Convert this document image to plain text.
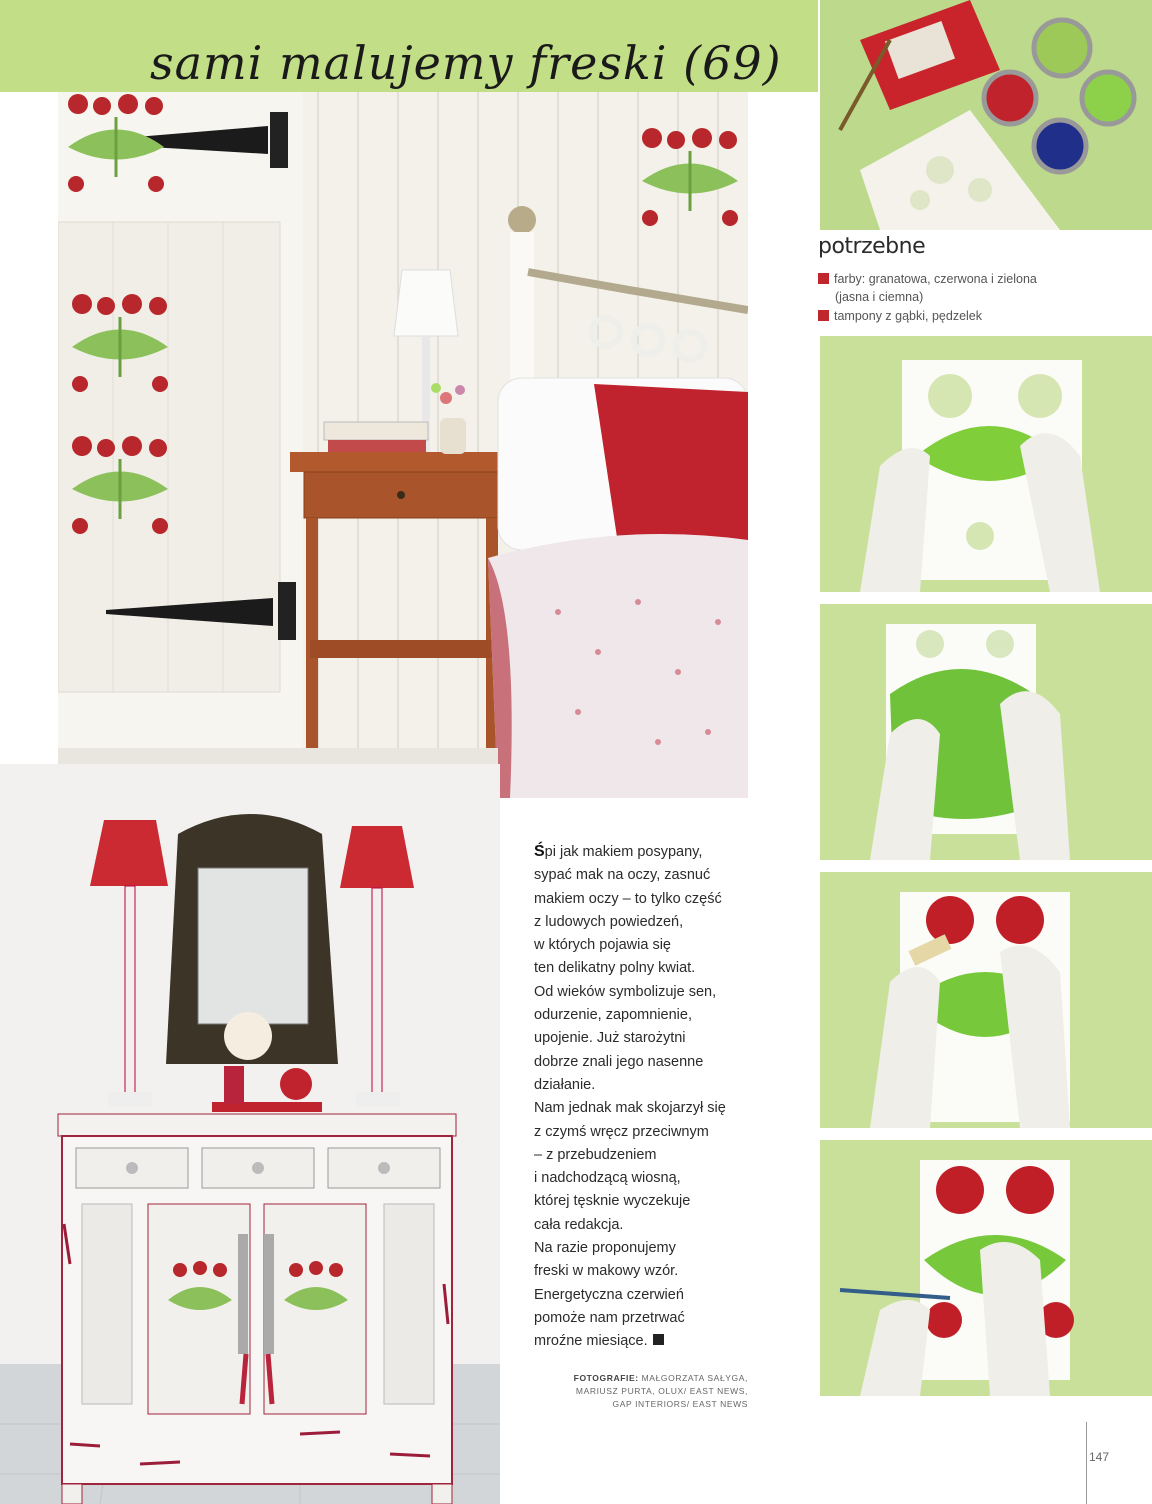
sami malujemy freski (69)
potrzebne
farby: granatowa, czerwona i zielona
(jasna i ciemna)
tampony z gąbki, pędzelek

Śpi jak makiem posypany,

sypać mak na oczy, zasnuć

makiem oczy – to tylko część

z ludowych powiedzeń,

w których pojawia się

ten delikatny polny kwiat.

Od wieków symbolizuje sen,

odurzenie, zapomnienie,

upojenie. Już starożytni

dobrze znali jego nasenne

działanie.

Nam jednak mak skojarzył się

z czymś wręcz przeciwnym

– z przebudzeniem

i nadchodzącą wiosną,

której tęsknie wyczekuje

cała redakcja.

Na razie proponujemy

freski w makowy wzór.

Energetyczna czerwień

pomoże nam przetrwać

mroźne miesiące.

FOTOGRAFIE: MAŁGORZATA SAŁYGA,

MARIUSZ PURTA, OLUX/ EAST NEWS,

GAP INTERIORS/ EAST NEWS

147
